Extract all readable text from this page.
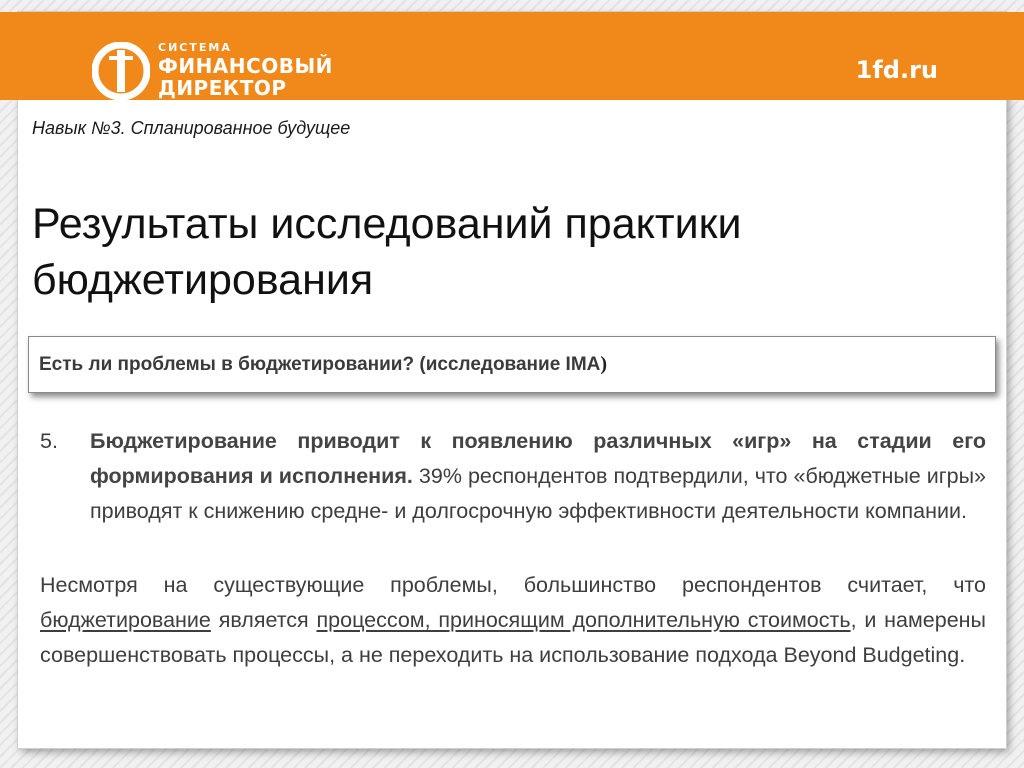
СИСТЕМА
ФИНАНСОВЫЙ
ДИРЕКТОР
1fd.ru
Навык №3. Спланированное будущее
Результаты исследований практики
бюджетирования
Есть ли проблемы в бюджетировании? (исследование IMA)
5. Бюджетирование приводит к появлению различных «игр» на стадии его формирования и исполнения. 39% респондентов подтвердили, что «бюджетные игры» приводят к снижению средне- и долгосрочную эффективности деятельности компании.
Несмотря на существующие проблемы, большинство респондентов считает, что бюджетирование является процессом, приносящим дополнительную стоимость, и намерены совершенствовать процессы, а не переходить на использование подхода Beyond Budgeting.
